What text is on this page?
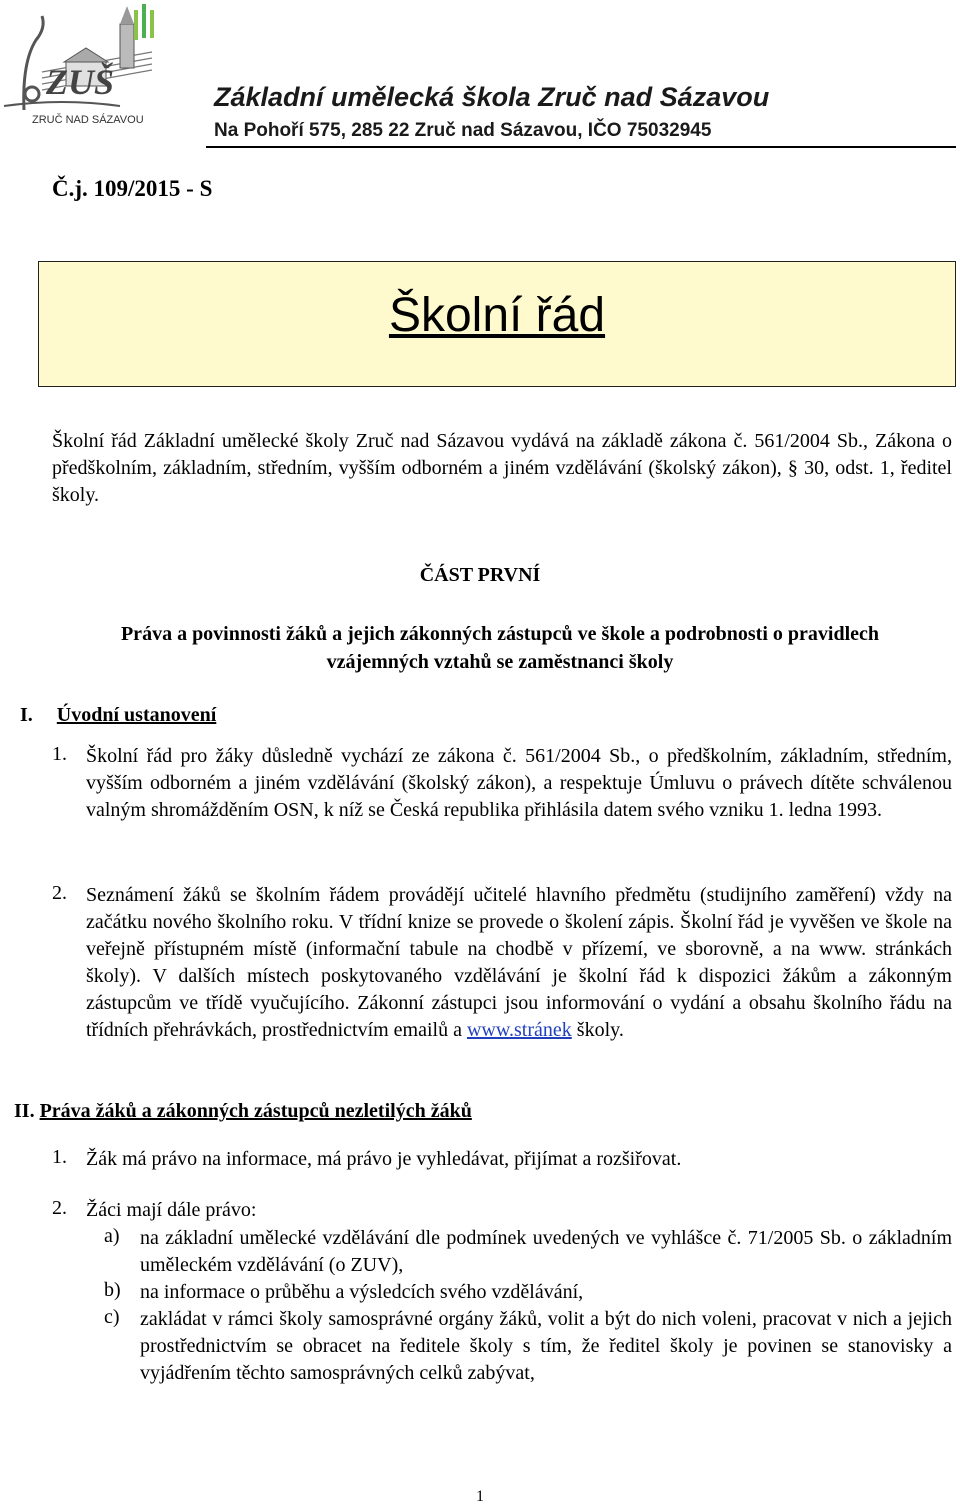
ZUŠ
ZRUČ NAD SÁZAVOU
Základní umělecká škola Zruč nad Sázavou
Na Pohoří 575, 285 22 Zruč nad Sázavou, IČO 75032945
Č.j. 109/2015 - S
Školní řád
Školní řád Základní umělecké školy Zruč nad Sázavou vydává na základě zákona č. 561/2004 Sb., Zákona o předškolním, základním, středním, vyšším odborném a jiném vzdělávání (školský zákon), § 30, odst. 1, ředitel školy.
ČÁST PRVNÍ
Práva a povinnosti žáků a jejich zákonných zástupců ve škole a podrobnosti o pravidlech vzájemných vztahů se zaměstnanci školy
I. Úvodní ustanovení
1. Školní řád pro žáky důsledně vychází ze zákona č. 561/2004 Sb., o předškolním, základním, středním, vyšším odborném a jiném vzdělávání (školský zákon), a respektuje Úmluvu o právech dítěte schválenou valným shromážděním OSN, k níž se Česká republika přihlásila datem svého vzniku 1. ledna 1993.
2. Seznámení žáků se školním řádem provádějí učitelé hlavního předmětu (studijního zaměření) vždy na začátku nového školního roku. V třídní knize se provede o školení zápis. Školní řád je vyvěšen ve škole na veřejně přístupném místě (informační tabule na chodbě v přízemí, ve sborovně, a na www. stránkách školy). V dalších místech poskytovaného vzdělávání je školní řád k dispozici žákům a zákonným zástupcům ve třídě vyučujícího. Zákonní zástupci jsou informování o vydání a obsahu školního řádu na třídních přehrávkách, prostřednictvím emailů a www.stránek školy.
II. Práva žáků a zákonných zástupců nezletilých žáků
1. Žák má právo na informace, má právo je vyhledávat, přijímat a rozšiřovat.
2. Žáci mají dále právo:
a) na základní umělecké vzdělávání dle podmínek uvedených ve vyhlášce č. 71/2005 Sb. o základním uměleckém vzdělávání (o ZUV),
b) na informace o průběhu a výsledcích svého vzdělávání,
c) zakládat v rámci školy samosprávné orgány žáků, volit a být do nich voleni, pracovat v nich a jejich prostřednictvím se obracet na ředitele školy s tím, že ředitel školy je povinen se stanovisky a vyjádřením těchto samosprávných celků zabývat,
1
